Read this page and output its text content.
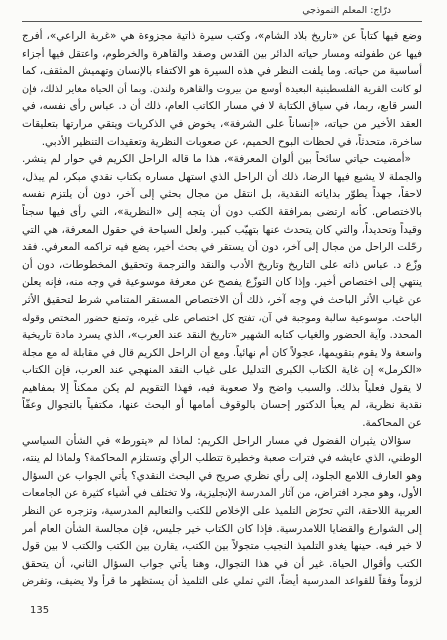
درّاج: المعلم النموذجي
وضع فيها كتاباً عن «تاريخ بلاد الشام»، وكتب سيرة ذاتية مجزوءة هي «غربة الراعي»، أفرج
فيها عن طفولته ومسار حياته الدائر بين القدس وصفد والقاهرة والخرطوم، واعتقل فيها أجزاء
أساسية من حياته. وما يلفت النظر في هذه السيرة هو الاكتفاء بالإنسان وتهميش المثقف، كما
لو كانت القرية الفلسطينية البعيدة أوسع من بيروت والقاهرة ولندن. وبما أن الحياة مغاير لذلك، فإن
السر قابع، ربما، في سياق الكتابة لا في مسار الكاتب العام، ذلك أن د. عباس رأى نفسه، في
العقد الأخير من حياته، «إنساناً على الشرفة»، يخوض في الذكريات ويتقي مرارتها بتعليقات
ساخرة، متحدثاً، في لحظات البوح الحميم، عن صعوبات النظرية وتعقيدات التنظير الأدبي.
«أمضيت حياتي سائحاً بين ألوان المعرفة»، هذا ما قاله الراحل الكريم في حوار لم ينشر.
والجملة لا يشيع فيها الرضا، ذلك أن الراحل الذي استهل مساره بكتاب نقدي مبكر، لم يبذل،
لاحقاً، جهداً يطوّر بداياته النقدية، بل انتقل من مجال بحثي إلى آخر، دون أن يلتزم نفسه
بالاختصاص. كأنه ارتضى بمرافقة الكتب دون أن يتجه إلى «النظرية»، التي رأى فيها سجناً
وقيداً وتحديداً، والتي كان يتحدث عنها بتهيّب كبير. ولعل السياحة في حقول المعرفة، هي التي
رحّلت الراحل من مجال إلى آخر، دون أن يستقر في بحث أخير، يضع فيه تراكمه المعرفي. فقد
وزّع د. عباس ذاته على التاريخ وتاريخ الأدب والنقد والترجمة وتحقيق المخطوطات، دون أن
ينتهي إلى اختصاص أخير. وإذا كان التوزّع يفصح عن معرفة موسوعية في وجه منه، فإنه يعلن
عن غياب الأثر الباحث في وجه آخر، ذلك أن الاختصاص المستقر المتنامي شرط لتحقيق الأثر
الباحث. موسوعية سالبة وموجبة في آن، تفتح كل اختصاص على غيره، وتمنع حضور المختص وقوله
المحدد. وآية الحضور والغياب كتابه الشهير «تاريخ النقد عند العرب»، الذي يسرد مادة تاريخية
واسعة ولا يقوم بتقويمها، عجولاً كان أم نهائياً. ومع أن الراحل الكريم قال في مقابلة له مع مجلة
«الكرمل» إن غاية الكتاب الكبرى التدليل على غياب النقد المنهجي عند العرب، فإن الكتاب
لا يقول فعلياً بذلك. والسبب واضح ولا صعوبة فيه، فهذا التقويم لم يكن ممكناً إلا بمفاهيم
نقدية نظرية، لم يعبأ الدكتور إحسان بالوقوف أمامها أو البحث عنها، مكتفياً بالتجوال وعفّاً
عن المحاكمة.
سؤالان يثيران الفضول في مسار الراحل الكريم: لماذا لم «يتورط» في الشأن السياسي
الوطني، الذي عايشه في فترات صعبة وخطيرة تتطلب الرأي وتستلزم المحاكمة؟ ولماذا لم ينته،
وهو العارف اللامع الجلود، إلى رأي نظري صريح في البحث النقدي؟ يأتي الجواب عن السؤال
الأول، وهو مجرد افتراض، من آثار المدرسة الإنجليزية، ولا تختلف في أشياء كثيرة عن الجامعات
العربية اللاحقة، التي تحرّض التلميذ على الإخلاص للكتب والتعاليم المدرسية، وتزجره عن النظر
إلى الشوارع والقضايا اللامدرسية. فإذا كان الكتاب خير جليس، فإن مجالسة الشأن العام أمر
لا خير فيه. حينها يغدو التلميذ النجيب متجولاً بين الكتب، يقارن بين الكتب والكتب لا بين قول
الكتب وأقوال الحياة. غير أن في هذا التجوال، وهنا يأتي جواب السؤال الثاني، أن يتحقق
لزوماً وفقاً للقواعد المدرسية أيضاً، التي تملي على التلميذ أن يستظهر ما قرأ ولا يضيف، وتفرض
135
